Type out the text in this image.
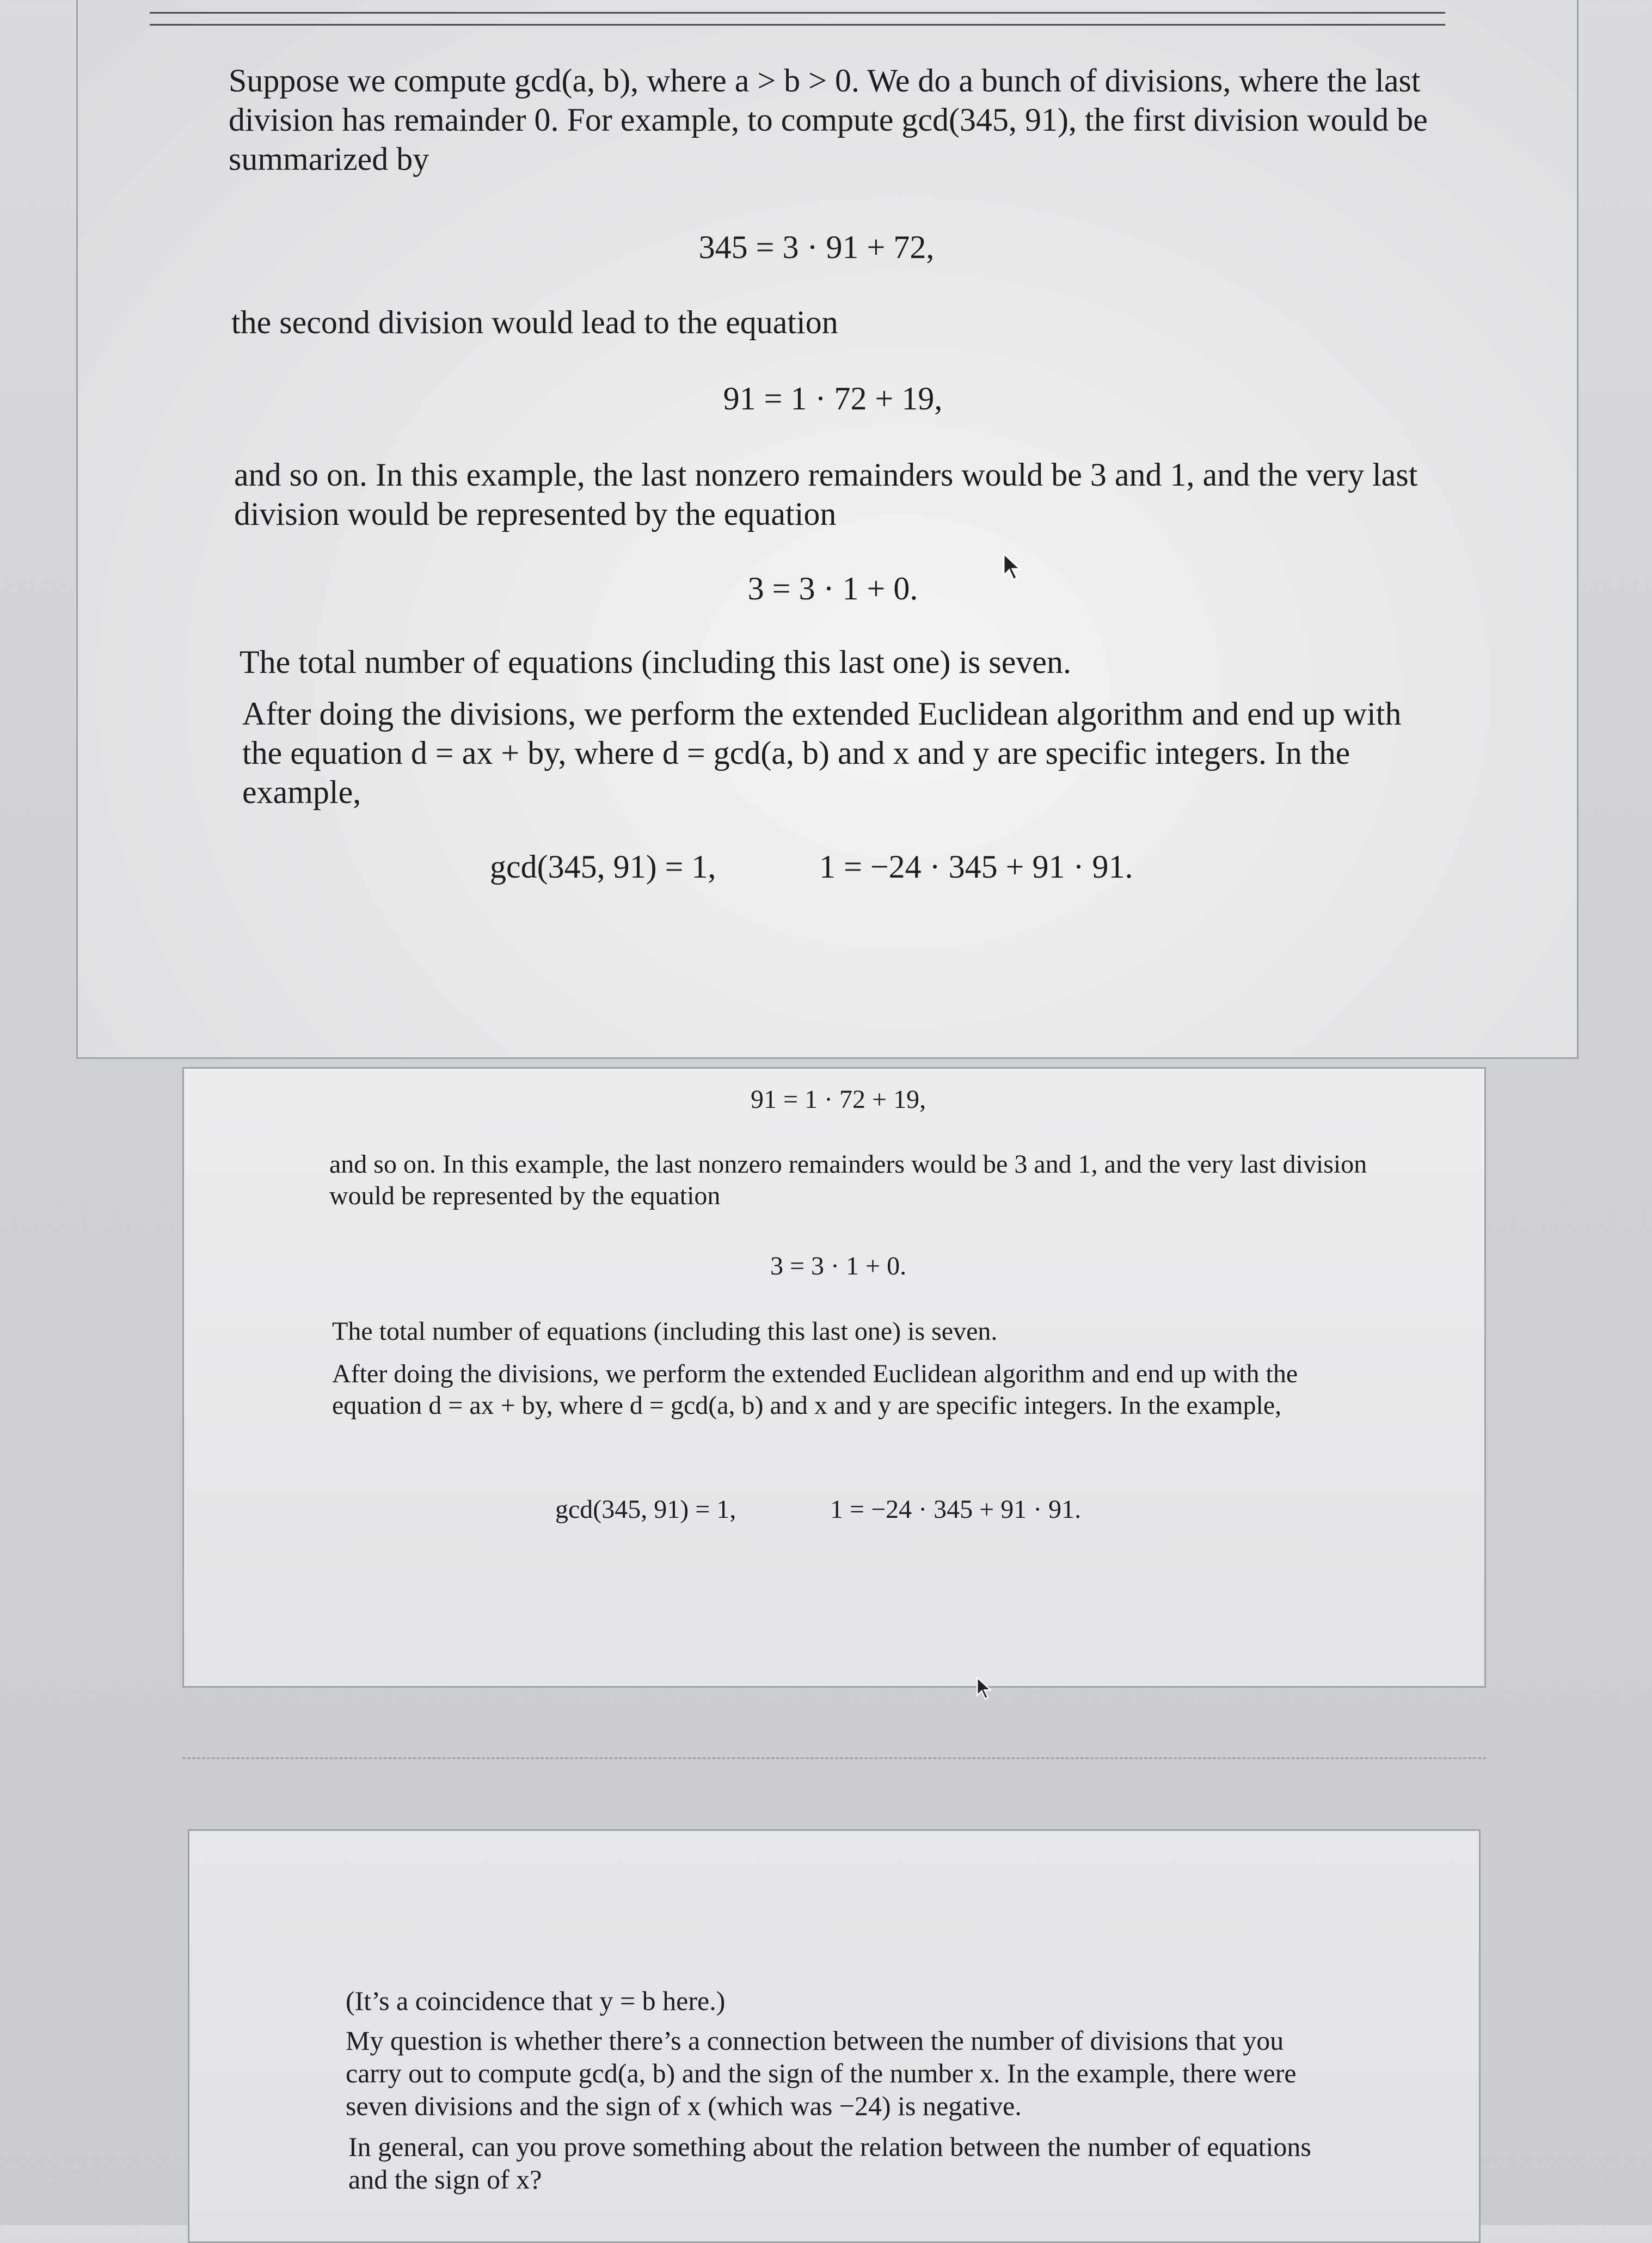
Suppose we compute gcd(a, b), where a > b > 0. We do a bunch of divisions, where the last division has remainder 0. For example, to compute gcd(345, 91), the first division would be summarized by

345 = 3 · 91 + 72,

the second division would lead to the equation

91 = 1 · 72 + 19,

and so on. In this example, the last nonzero remainders would be 3 and 1, and the very last division would be represented by the equation

3 = 3 · 1 + 0.

The total number of equations (including this last one) is seven.

After doing the divisions, we perform the extended Euclidean algorithm and end up with the equation d = ax + by, where d = gcd(a, b) and x and y are specific integers. In the example,

gcd(345, 91) = 1,	1 = −24 · 345 + 91 · 91.

91 = 1 · 72 + 19,

and so on. In this example, the last nonzero remainders would be 3 and 1, and the very last division would be represented by the equation

3 = 3 · 1 + 0.

The total number of equations (including this last one) is seven.

After doing the divisions, we perform the extended Euclidean algorithm and end up with the equation d = ax + by, where d = gcd(a, b) and x and y are specific integers. In the example,

gcd(345, 91) = 1,	1 = −24 · 345 + 91 · 91.

(It’s a coincidence that y = b here.)

My question is whether there’s a connection between the number of divisions that you carry out to compute gcd(a, b) and the sign of the number x. In the example, there were seven divisions and the sign of x (which was −24) is negative.

In general, can you prove something about the relation between the number of equations and the sign of x?
